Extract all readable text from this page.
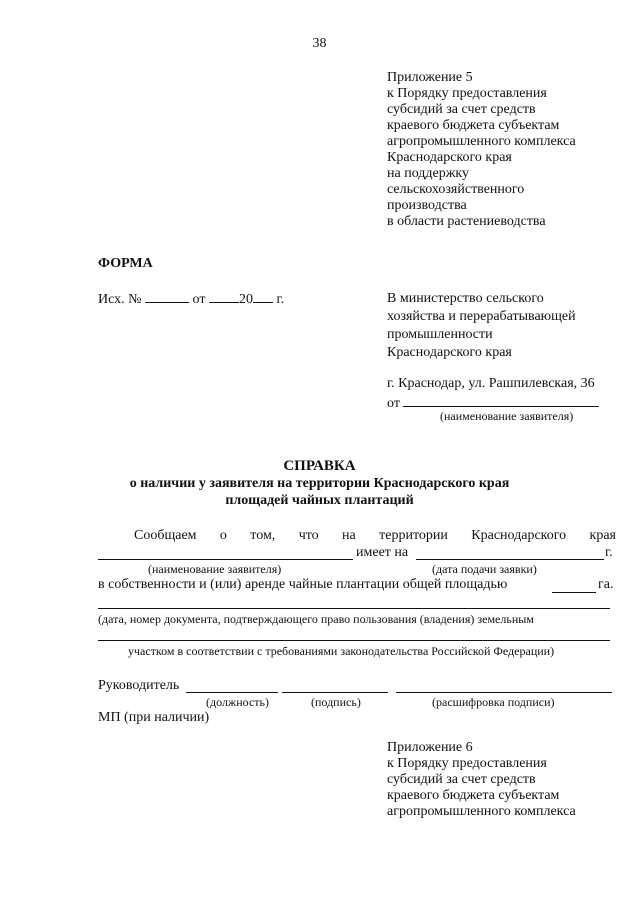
38
Приложение 5
к Порядку предоставления
субсидий за счет средств
краевого бюджета субъектам
агропромышленного комплекса
Краснодарского края
на поддержку
сельскохозяйственного
производства
в области растениеводства
ФОРМА
Исх. №	от 20 г.	В министерство сельского
хозяйства и перерабатывающей
промышленности
Краснодарского края
г. Краснодар, ул. Рашпилевская, 36
от
(наименование заявителя)
СПРАВКА
о наличии у заявителя на территории Краснодарского края
площадей чайных плантаций
Сообщаем о том, что на территории Краснодарского края
имеет на	г.
(наименование заявителя)	(дата подачи заявки)
в собственности и (или) аренде чайные плантации общей площадью	га.
(дата, номер документа, подтверждающего право пользования (владения) земельным
участком в соответствии с требованиями законодательства Российской Федерации)
Руководитель
(должность)	(подпись)	(расшифровка подписи)
МП (при наличии)
Приложение 6
к Порядку предоставления
субсидий за счет средств
краевого бюджета субъектам
агропромышленного комплекса
